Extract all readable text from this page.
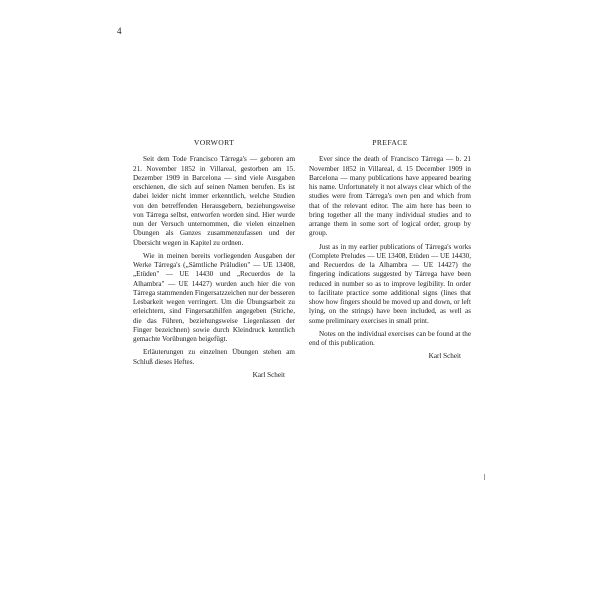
4
VORWORT

Seit dem Tode Francisco Tárrega's — geboren am 21. November 1852 in Villareal, gestorben am 15. Dezember 1909 in Barcelona — sind viele Ausgaben erschienen, die sich auf seinen Namen berufen. Es ist dabei leider nicht immer erkenntlich, welche Studien von den betreffenden Herausgebern, beziehungsweise von Tárrega selbst, entworfen worden sind. Hier wurde nun der Versuch unternommen, die vielen einzelnen Übungen als Ganzes zusammenzufassen und der Übersicht wegen in Kapitel zu ordnen.

Wie in meinen bereits vorliegenden Ausgaben der Werke Tárrega's („Sämtliche Präludien" — UE 13408, „Etüden" — UE 14430 und „Recuerdos de la Alhambra" — UE 14427) wurden auch hier die von Tárrega stammenden Fingersatzzeichen nur der besseren Lesbarkeit wegen verringert. Um die Übungsarbeit zu erleichtern, sind Fingersatzhilfen angegeben (Striche, die das Führen, beziehungsweise Liegenlassen der Finger bezeichnen) sowie durch Kleindruck kenntlich gemachte Vorübungen beigefügt.

Erläuterungen zu einzelnen Übungen stehen am Schluß dieses Heftes.

Karl Scheit
PREFACE

Ever since the death of Francisco Tárrega — b. 21 November 1852 in Villareal, d. 15 December 1909 in Barcelona — many publications have appeared bearing his name. Unfortunately it not always clear which of the studies were from Tárrega's own pen and which from that of the relevant editor. The aim here has been to bring together all the many individual studies and to arrange them in some sort of logical order, group by group.

Just as in my earlier publications of Tárrega's works (Complete Preludes — UE 13408, Etüden — UE 14430, and Recuerdos de la Alhambra — UE 14427) the fingering indications suggested by Tárrega have been reduced in number so as to improve legibility. In order to facilitate practice some additional signs (lines that show how fingers should be moved up and down, or left lying, on the strings) have been included, as well as some preliminary exercises in small print.

Notes on the individual exercises can be found at the end of this publication.

Karl Scheit
